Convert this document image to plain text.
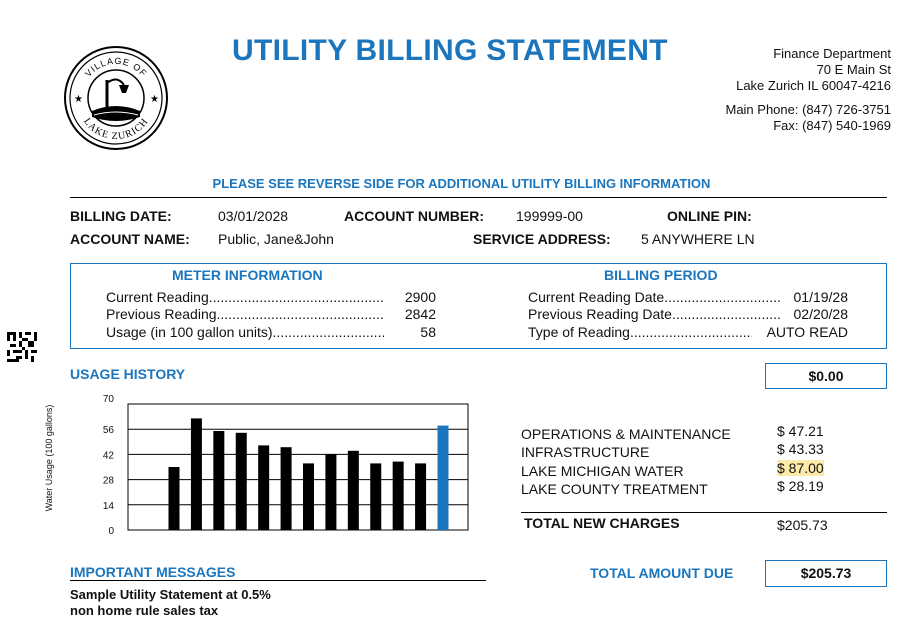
VILLAGE OF
LAKE ZURICH
★	★
UTILITY BILLING STATEMENT	Finance Department
70 E Main St
Lake Zurich IL 60047-4216
Main Phone: (847) 726-3751
Fax: (847) 540-1969
PLEASE SEE REVERSE SIDE FOR ADDITIONAL UTILITY BILLING INFORMATION
BILLING DATE:	03/01/2028	ACCOUNT NUMBER: 199999-00	ONLINE PIN:
ACCOUNT NAME: Public, Jane&John	SERVICE ADDRESS: 5 ANYWHERE LN
METER INFORMATION	BILLING PERIOD
Current Reading .....	2900
Previous Reading .....	2842
Usage (in 100 gallon units) .....	58
Current Reading Date .....	01/19/28
Previous Reading Date .....	02/20/28
Type of Reading .....	AUTO READ
USAGE HISTORY	$0.00
0
14
28
42
56
70
Water Usage (100 gallons)	OPERATIONS & MAINTENANCE	$ 47.21
INFRASTRUCTURE	$ 43.33
LAKE MICHIGAN WATER	$ 87.00
LAKE COUNTY TREATMENT	$ 28.19
TOTAL NEW CHARGES	$205.73
IMPORTANT MESSAGES
Sample Utility Statement at 0.5%
non home rule sales tax
TOTAL AMOUNT DUE	$205.73
